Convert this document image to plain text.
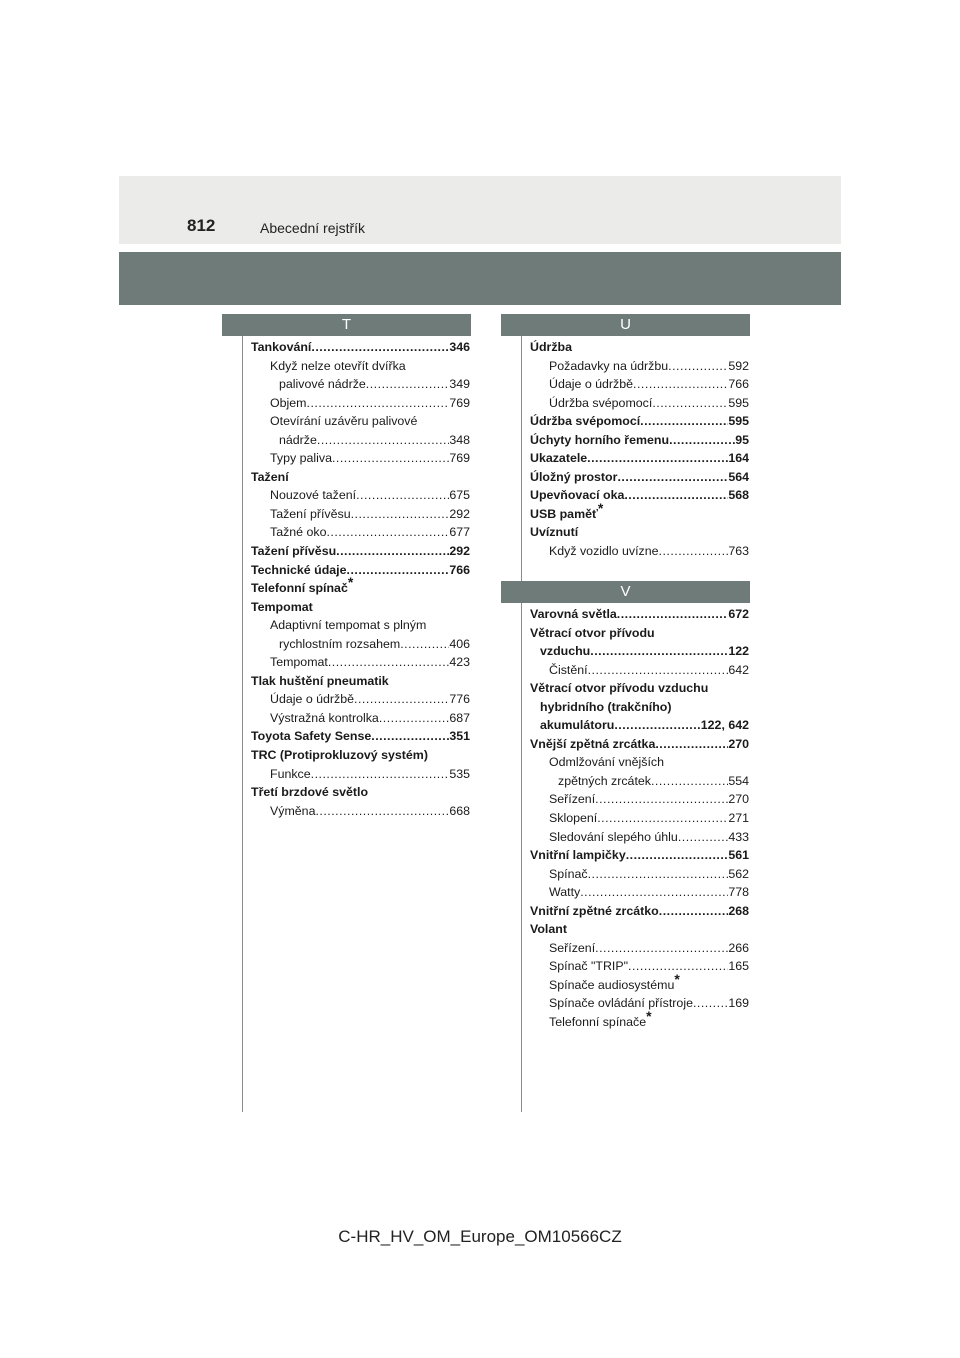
812	Abecední rejstřík
T	U
V
Tankování .....	346
Když nelze otevřít dvířka
palivové nádrže .....	349
Objem .....	769
Otevírání uzávěru palivové
nádrže .....	348
Typy paliva .....	769
Tažení
Nouzové tažení .....	675
Tažení přívěsu .....	292
Tažné oko .....	677
Tažení přívěsu .....	292
Technické údaje .....	766
Telefonní spínač *
Tempomat
Adaptivní tempomat s plným
rychlostním rozsahem .....	406
Tempomat .....	423
Tlak huštění pneumatik
Údaje o údržbě .....	776
Výstražná kontrolka .....	687
Toyota Safety Sense .....	351
TRC (Protiprokluzový systém)
Funkce .....	535
Třetí brzdové světlo
Výměna .....	668
Údržba
Požadavky na údržbu .....	592
Údaje o údržbě .....	766
Údržba svépomocí .....	595
Údržba svépomocí .....	595
Úchyty horního řemenu .....	95
Ukazatele .....	164
Úložný prostor .....	564
Upevňovací oka .....	568
USB paměť *
Uvíznutí
Když vozidlo uvízne .....	763
Varovná světla .....	672
Větrací otvor přívodu
vzduchu .....	122
Čistění .....	642
Větrací otvor přívodu vzduchu
hybridního (trakčního)
akumulátoru .....	122, 642
Vnější zpětná zrcátka .....	270
Odmlžování vnějších
zpětných zrcátek .....	554
Seřízení .....	270
Sklopení .....	271
Sledování slepého úhlu .....	433
Vnitřní lampičky .....	561
Spínač .....	562
Watty .....	778
Vnitřní zpětné zrcátko .....	268
Volant
Seřízení .....	266
Spínač "TRIP" .....	165
Spínače audiosystému *
Spínače ovládání přístroje .....	169
Telefonní spínače *
C-HR_HV_OM_Europe_OM10566CZ
